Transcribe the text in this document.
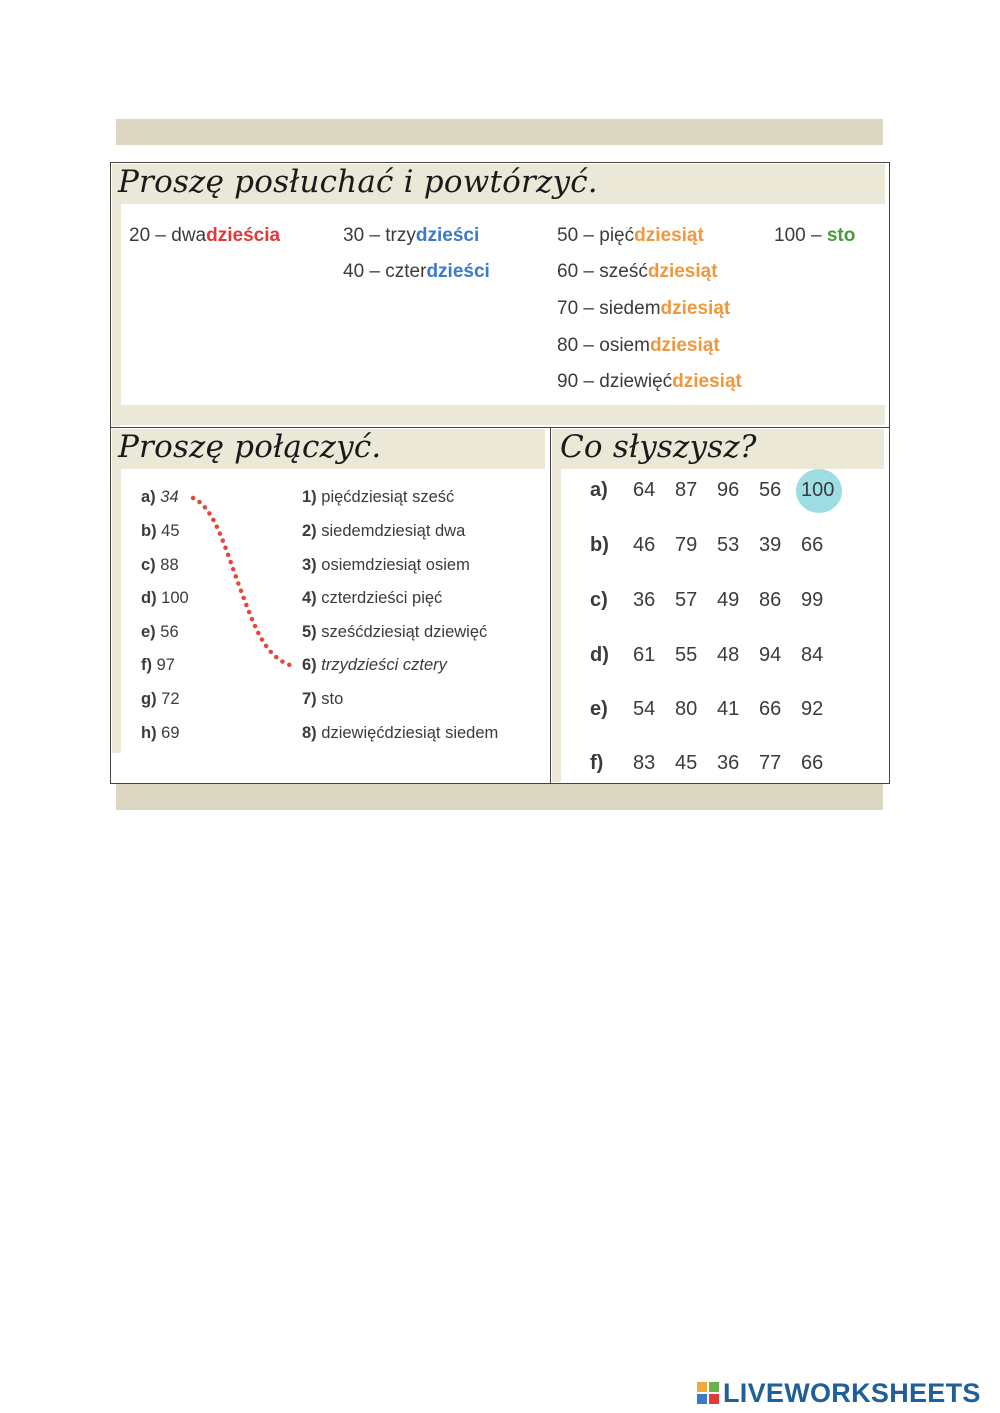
Proszę posłuchać i powtórzyć.
20 – dwadzieścia	30 – trzydzieści
40 – czterdzieści
50 – pięćdziesiąt
60 – sześćdziesiąt
70 – siedemdziesiąt
80 – osiemdziesiąt
90 – dziewięćdziesiąt
100 – sto
Proszę połączyć.
a) 34
b) 45
c) 88
d) 100
e) 56
f) 97
g) 72
h) 69
1) pięćdziesiąt sześć
2) siedemdziesiąt dwa
3) osiemdziesiąt osiem
4) czterdzieści pięć
5) sześćdziesiąt dziewięć
6) trzydzieści cztery
7) sto
8) dziewięćdziesiąt siedem
Co słyszysz?
a) 64 87 96 56 100
b) 46 79 53 39 66
c) 36 57 49 86 99
d) 61 55 48 94 84
e) 54 80 41 66 92
f) 83 45 36 77 66
LIVEWORKSHEETS
